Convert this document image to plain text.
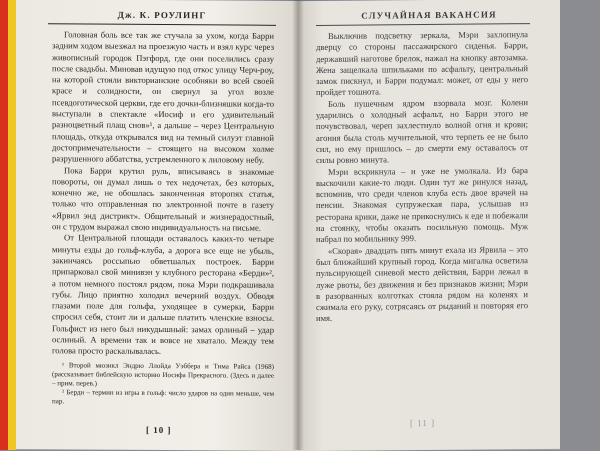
Дж. К. РОУЛИНГ

Головная боль все так же стучала за ухом, когда Барри задним ходом выезжал на проезжую часть и взял курс через живописный городок Пэгфорд, где они поселились сразу после свадьбы. Миновав идущую под откос улицу Черч-роу, на которой стояли викторианские особняки во всей своей красе и солидности, он свернул за угол возле псевдоготической церкви, где его дочки-близняшки когда-то выступали в спектакле «Иосиф и его удивительный разноцветный плащ снов»¹, а дальше – через Центральную площадь, откуда открывался вид на темный силуэт главной достопримечательности – стоящего на высоком холме разрушенного аббатства, устремленного к лиловому небу.

Пока Барри крутил руль, вписываясь в знакомые повороты, он думал лишь о тех недочетах, без которых, конечно же, не обошлась законченная второпях статья, только что отправленная по электронной почте в газету «Ярвил энд дистрикт». Общительный и жизнерадостный, он с трудом выражал свою индивидуальность на письме.

От Центральной площади оставалось каких-то четыре минуты езды до гольф-клуба, а дорога все еще не убыль, закинчаясь россыпью обветшалых построек. Барри припарковал свой минивэн у клубного ресторана «Берди»², а потом немного постоял рядом, пока Мэри подкрашивала губы. Лицо приятно холодил вечерний воздух. Обводя глазами поле для гольфа, уходящее в сумерки, Барри спросил себя, стоит ли и дальше платить членские взносы. Гольфист из него был никудышный: замах орлиный – удар ослиный. А времени так и вовсе не хватало. Между тем голова просто раскалывалась.

¹ Второй мюзикл Эндрю Ллойда Уэббера и Тима Райса (1968) (рассказывает библейскую историю Иосифа Прекрасного. (Здесь и далее – прим. перев.)

² Берди – термин из игры в гольф: число ударов на один меньше, чем пар.

[ 10 ]
СЛУЧАЙНАЯ ВАКАНСИЯ

Выключив подсветку зеркала, Мэри захлопнула дверцу со стороны пассажирского сиденья. Барри, державший наготове брелок, нажал на кнопку автозамка. Жена защелкала шпильками по асфальту, центральный замок пискнул, и Барри подумал: может, от еды у него пройдет тошнота.

Боль пушечным ядром взорвала мозг. Колени ударились о холодный асфальт, но Барри этого не почувствовал, череп захлестнуло волной огня и крови; агония была столь мучительной, что терпеть ее не было сил, но ему пришлось – до смерти ему оставалось от силы ровно минута.

Мэри вскрикнула – и уже не умолкала. Из бара выскочили какие-то люди. Один тут же ринулся назад, вспомнив, что среди членов клуба есть двое врачей на пенсии. Знакомая супружеская пара, услышав из ресторана крики, даже не прикоснулись к еде и побежали на стоянку, чтобы оказать посильную помощь. Муж набрал по мобильнику 999.

«Скорая» двадцать пять минут ехала из Ярвила – это был ближайший крупный город. Когда мигалка осветила пульсирующей синевой место действия, Барри лежал в луже рвоты, без движения и без признаков жизни; Мэри в разорванных колготках стояла рядом на коленях и сжимала его руку, сотрясаясь от рыданий и повторяя его имя.

[ 11 ]
